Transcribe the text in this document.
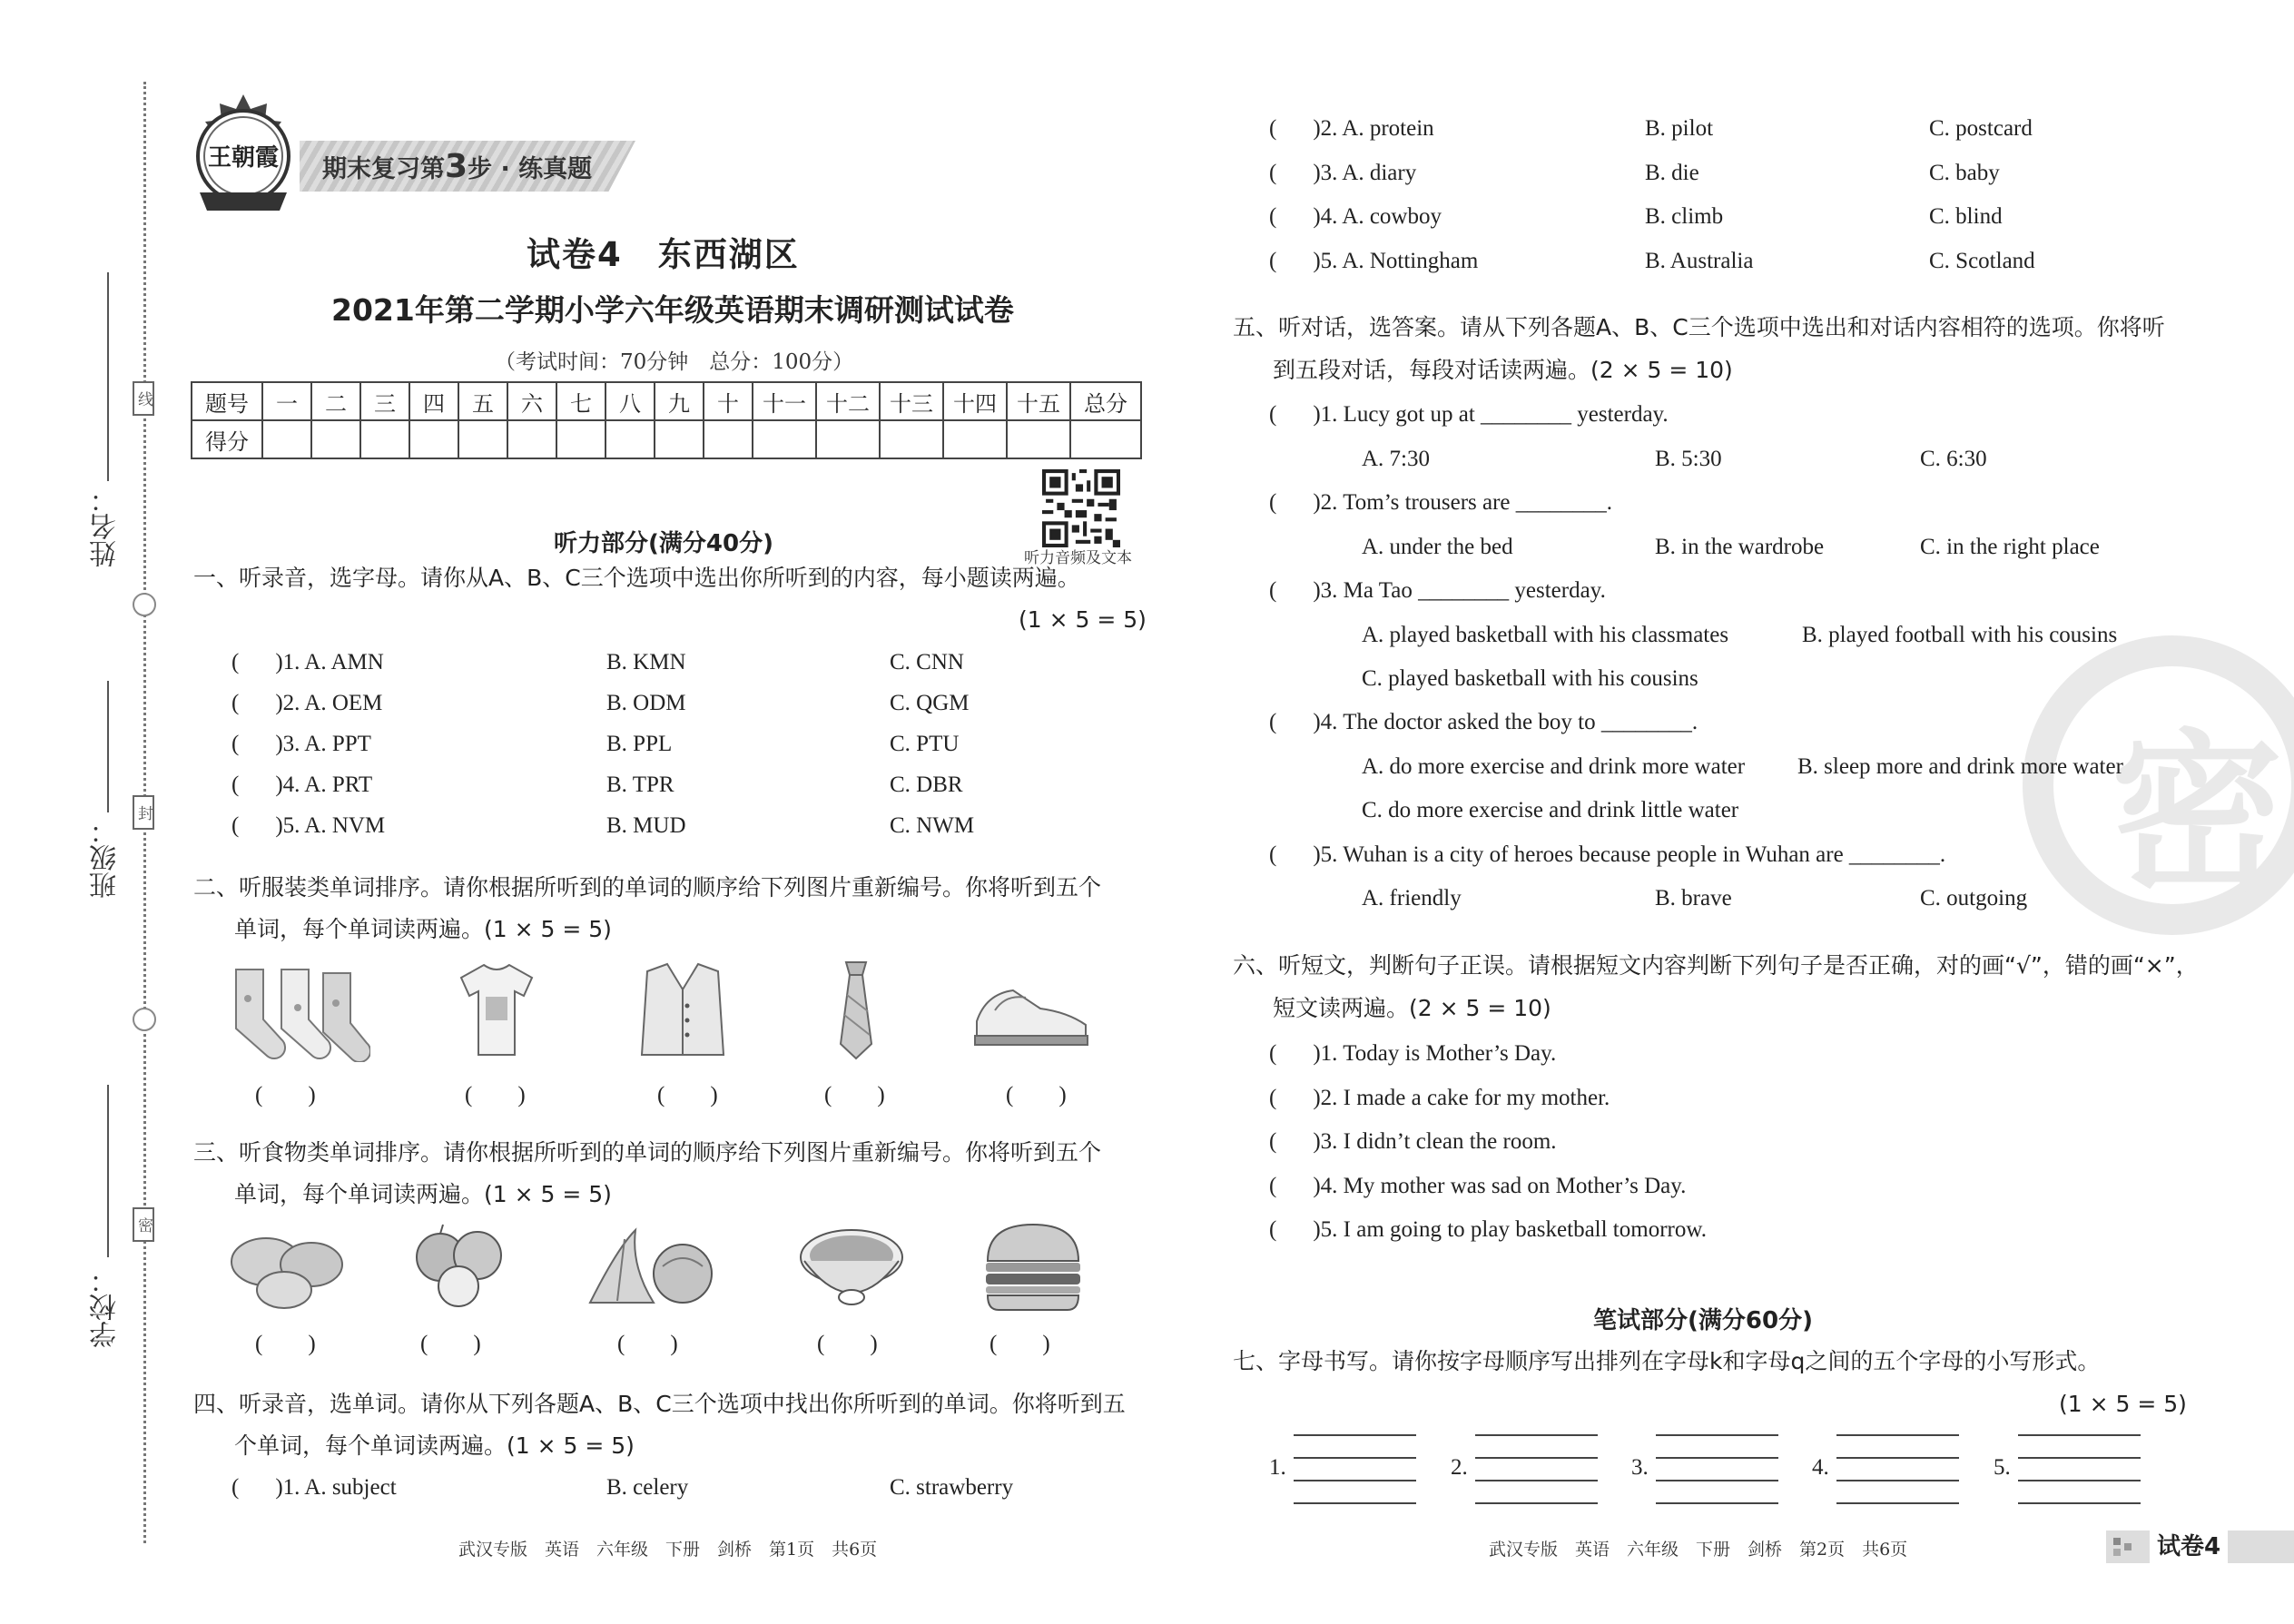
学校：
班级：
姓名：
线
封
密
王朝霞 期末复习第3步 · 练真题
试卷4　东西湖区
2021年第二学期小学六年级英语期末调研测试试卷
（考试时间：70分钟　总分：100分）
题号	一	二	三	四	五	六	七	八	九	十	十一	十二	十三	十四	十五	总分
得分																
听力音频及文本
听力部分(满分40分)
一、听录音，选字母。请你从A、B、C三个选项中选出你所听到的内容，每小题读两遍。
(1 × 5 = 5)
( )1. A. AMN	B. KMN	C. CNN
( )2. A. OEM	B. ODM	C. QGM
( )3. A. PPT	B. PPL	C. PTU
( )4. A. PRT	B. TPR	C. DBR
( )5. A. NVM	B. MUD	C. NWM
二、听服装类单词排序。请你根据所听到的单词的顺序给下列图片重新编号。你将听到五个
单词，每个单词读两遍。(1 × 5 = 5)
(　　)	(　　)	(　　)	(　　)	(　　)
三、听食物类单词排序。请你根据所听到的单词的顺序给下列图片重新编号。你将听到五个
单词，每个单词读两遍。(1 × 5 = 5)
(　　)	(　　)	(　　)	(　　)	(　　)
四、听录音，选单词。请你从下列各题A、B、C三个选项中找出你所听到的单词。你将听到五
个单词，每个单词读两遍。(1 × 5 = 5)
( )1. A. subject	B. celery	C. strawberry
武汉专版　英语　六年级　下册　剑桥　第1页　共6页
密
( )2. A. protein	B. pilot	C. postcard
( )3. A. diary	B. die	C. baby
( )4. A. cowboy	B. climb	C. blind
( )5. A. Nottingham	B. Australia	C. Scotland
五、听对话，选答案。请从下列各题A、B、C三个选项中选出和对话内容相符的选项。你将听
到五段对话，每段对话读两遍。(2 × 5 = 10)
( )1. Lucy got up at ________ yesterday.
A. 7:30	B. 5:30	C. 6:30
( )2. Tom’s trousers are ________.
A. under the bed	B. in the wardrobe	C. in the right place
( )3. Ma Tao ________ yesterday.
A. played basketball with his classmates	B. played football with his cousins
C. played basketball with his cousins
( )4. The doctor asked the boy to ________.
A. do more exercise and drink more water B. sleep more and drink more water
C. do more exercise and drink little water
( )5. Wuhan is a city of heroes because people in Wuhan are ________.
A. friendly	B. brave	C. outgoing
六、听短文，判断句子正误。请根据短文内容判断下列句子是否正确，对的画“√”，错的画“×”，
短文读两遍。(2 × 5 = 10)
( )1. Today is Mother’s Day.
( )2. I made a cake for my mother.
( )3. I didn’t clean the room.
( )4. My mother was sad on Mother’s Day.
( )5. I am going to play basketball tomorrow.
笔试部分(满分60分)
七、字母书写。请你按字母顺序写出排列在字母k和字母q之间的五个字母的小写形式。
(1 × 5 = 5)
1.	2.	3.	4.	5.
武汉专版　英语　六年级　下册　剑桥　第2页　共6页	试卷4
